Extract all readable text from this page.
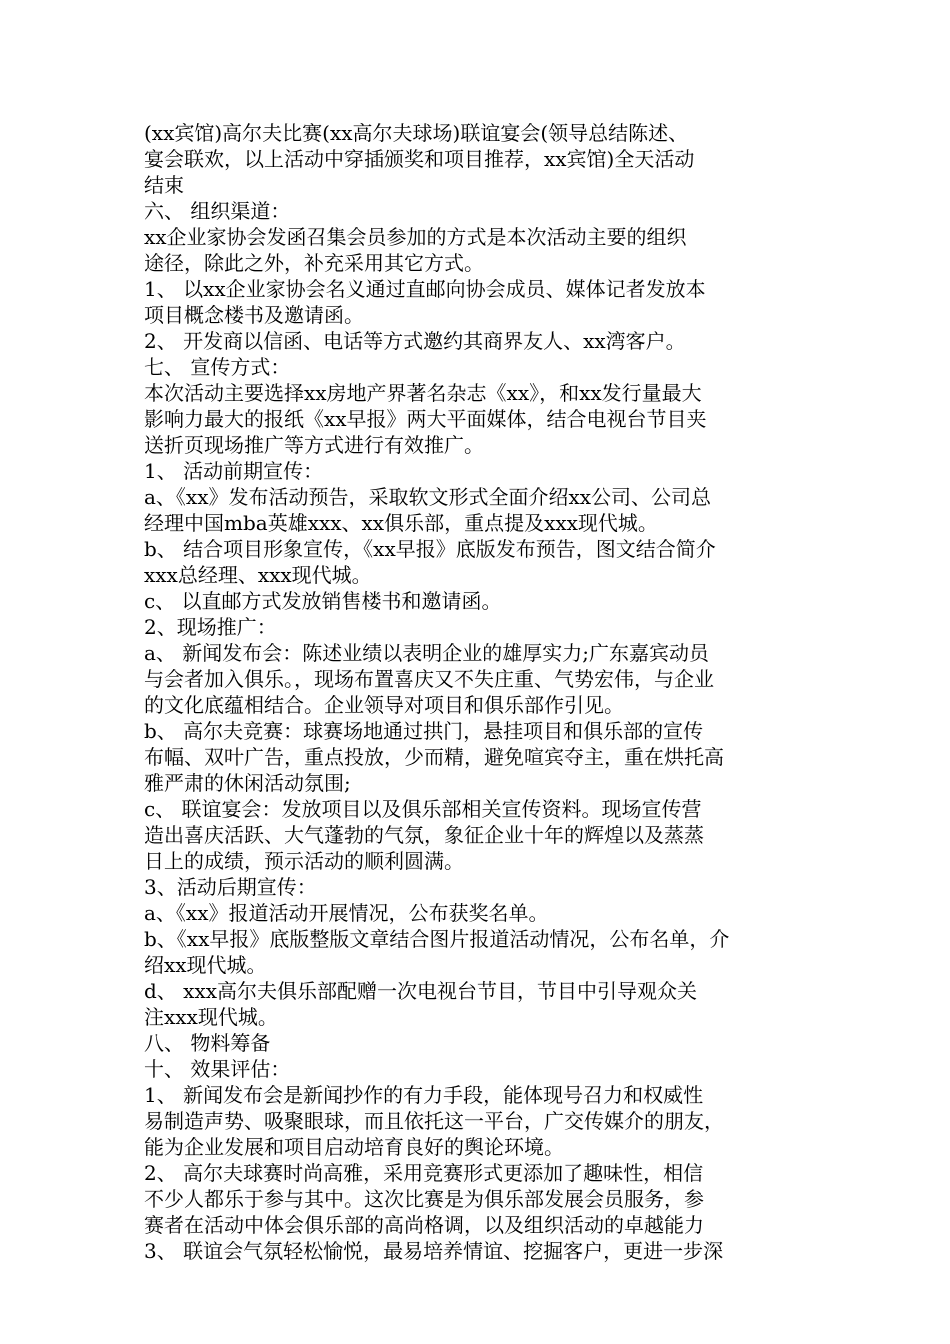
(xx宾馆)高尔夫比赛(xx高尔夫球场)联谊宴会(领导总结陈述、
宴会联欢，以上活动中穿插颁奖和项目推荐，xx宾馆)全天活动
结束
六、 组织渠道：
xx企业家协会发函召集会员参加的方式是本次活动主要的组织
途径，除此之外，补充采用其它方式。
1、 以xx企业家协会名义通过直邮向协会成员、媒体记者发放本
项目概念楼书及邀请函。
2、 开发商以信函、电话等方式邀约其商界友人、xx湾客户。
七、 宣传方式：
本次活动主要选择xx房地产界著名杂志《xx》，和xx发行量最大
影响力最大的报纸《xx早报》两大平面媒体，结合电视台节目夹
送折页现场推广等方式进行有效推广。
1、 活动前期宣传：
a、《xx》发布活动预告，采取软文形式全面介绍xx公司、公司总
经理中国mba英雄xxx、xx俱乐部，重点提及xxx现代城。
b、 结合项目形象宣传，《xx早报》底版发布预告，图文结合简介
xxx总经理、xxx现代城。
c、 以直邮方式发放销售楼书和邀请函。
2、现场推广：
a、 新闻发布会：陈述业绩以表明企业的雄厚实力;广东嘉宾动员
与会者加入俱乐。，现场布置喜庆又不失庄重、气势宏伟，与企业
的文化底蕴相结合。企业领导对项目和俱乐部作引见。
b、 高尔夫竞赛：球赛场地通过拱门，悬挂项目和俱乐部的宣传
布幅、双叶广告，重点投放，少而精，避免喧宾夺主，重在烘托高
雅严肃的休闲活动氛围;
c、 联谊宴会：发放项目以及俱乐部相关宣传资料。现场宣传营
造出喜庆活跃、大气蓬勃的气氛，象征企业十年的辉煌以及蒸蒸
日上的成绩，预示活动的顺利圆满。
3、活动后期宣传：
a、《xx》报道活动开展情况，公布获奖名单。
b、《xx早报》底版整版文章结合图片报道活动情况，公布名单，介
绍xx现代城。
d、 xxx高尔夫俱乐部配赠一次电视台节目，节目中引导观众关
注xxx现代城。
八、 物料筹备
十、 效果评估：
1、 新闻发布会是新闻抄作的有力手段，能体现号召力和权威性
易制造声势、吸聚眼球，而且依托这一平台，广交传媒介的朋友，
能为企业发展和项目启动培育良好的舆论环境。
2、 高尔夫球赛时尚高雅，采用竞赛形式更添加了趣味性，相信
不少人都乐于参与其中。这次比赛是为俱乐部发展会员服务，参
赛者在活动中体会俱乐部的高尚格调，以及组织活动的卓越能力
3、 联谊会气氛轻松愉悦，最易培养情谊、挖掘客户，更进一步深
